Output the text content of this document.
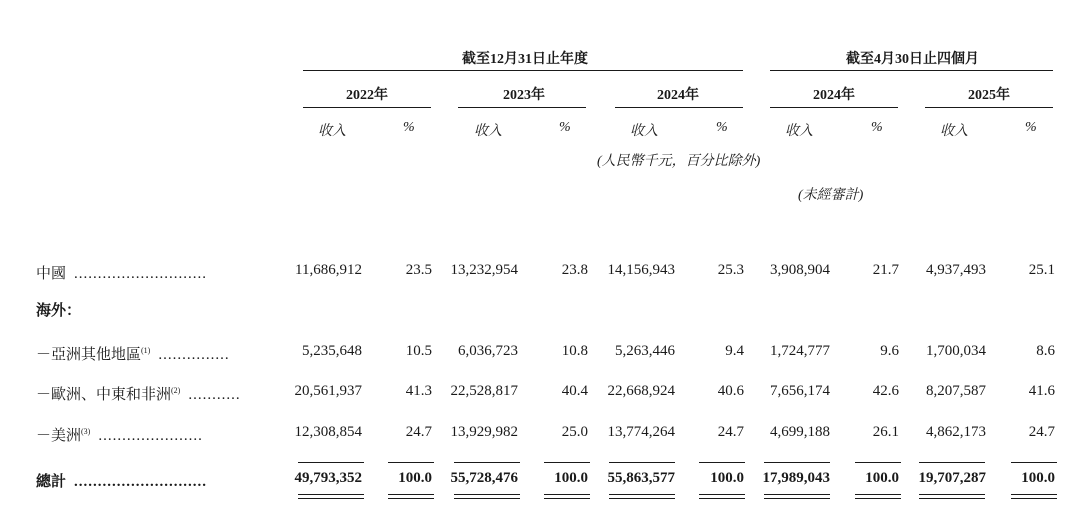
截至12月31日止年度	截至4月30日止四個月
2022年	2023年	2024年	2024年	2025年
收入	%	收入	%	收入	%	收入	%	收入	%
(人民幣千元，百分比除外)
(未經審計)
中國 ............................	11,686,912	23.5	13,232,954	23.8	14,156,943	25.3	3,908,904	21.7	4,937,493	25.1
海外：
－亞洲其他地區$^{(1)}$ ...............	5,235,648	10.5	6,036,723	10.8	5,263,446	9.4	1,724,777	9.6	1,700,034	8.6
－歐洲、中東和非洲$^{(2)}$ ...........	20,561,937	41.3	22,528,817	40.4	22,668,924	40.6	7,656,174	42.6	8,207,587	41.6
－美洲$^{(3)}$ ......................	12,308,854	24.7	13,929,982	25.0	13,774,264	24.7	4,699,188	26.1	4,862,173	24.7
總計 ............................	49,793,352	100.0	55,728,476	100.0	55,863,577	100.0	17,989,043	100.0	19,707,287	100.0
